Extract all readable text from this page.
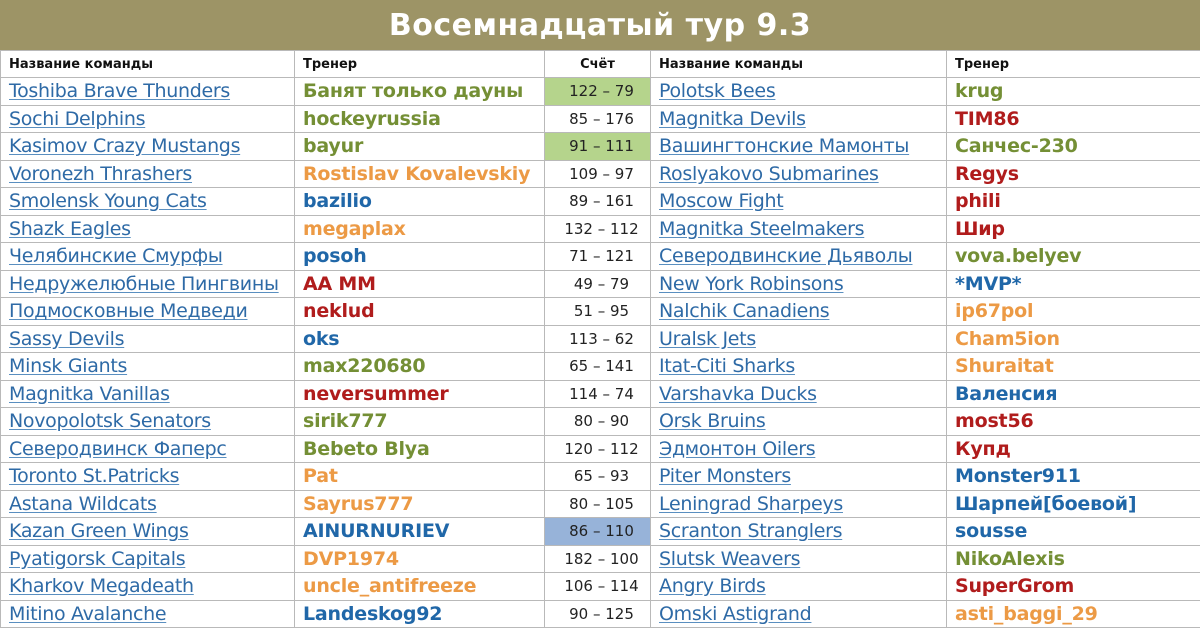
Восемнадцатый тур 9.3
Название команды	Тренер	Счёт	Название команды	Тренер
Toshiba Brave Thunders	Банят только дауны	122 – 79	Polotsk Bees	krug
Sochi Delphins	hockeyrussia	85 – 176	Magnitka Devils	TIM86
Kasimov Crazy Mustangs	bayur	91 – 111	Вашингтонские Мамонты	Санчес-230
Voronezh Thrashers	Rostislav Kovalevskiy	109 – 97	Roslyakovo Submarines	Regys
Smolensk Young Cats	bazilio	89 – 161	Moscow Fight	phili
Shazk Eagles	megaplax	132 – 112	Magnitka Steelmakers	Шир
Челябинские Смурфы	posoh	71 – 121	Северодвинские Дьяволы	vova.belyev
Недружелюбные Пингвины	AA MM	49 – 79	New York Robinsons	*MVP*
Подмосковные Медведи	neklud	51 – 95	Nalchik Canadiens	ip67pol
Sassy Devils	oks	113 – 62	Uralsk Jets	Cham5ion
Minsk Giants	max220680	65 – 141	Itat-Citi Sharks	Shuraitat
Magnitka Vanillas	neversummer	114 – 74	Varshavka Ducks	Валенсия
Novopolotsk Senators	sirik777	80 – 90	Orsk Bruins	most56
Северодвинск Фаперс	Bebeto Blya	120 – 112	Эдмонтон Oilers	Купд
Toronto St.Patricks	Pat	65 – 93	Piter Monsters	Monster911
Astana Wildcats	Sayrus777	80 – 105	Leningrad Sharpeys	Шарпей[боевой]
Kazan Green Wings	AINURNURIEV	86 – 110	Scranton Stranglers	sousse
Pyatigorsk Capitals	DVP1974	182 – 100	Slutsk Weavers	NikoAlexis
Kharkov Megadeath	uncle_antifreeze	106 – 114	Angry Birds	SuperGrom
Mitino Avalanche	Landeskog92	90 – 125	Omski Astigrand	asti_baggi_29
